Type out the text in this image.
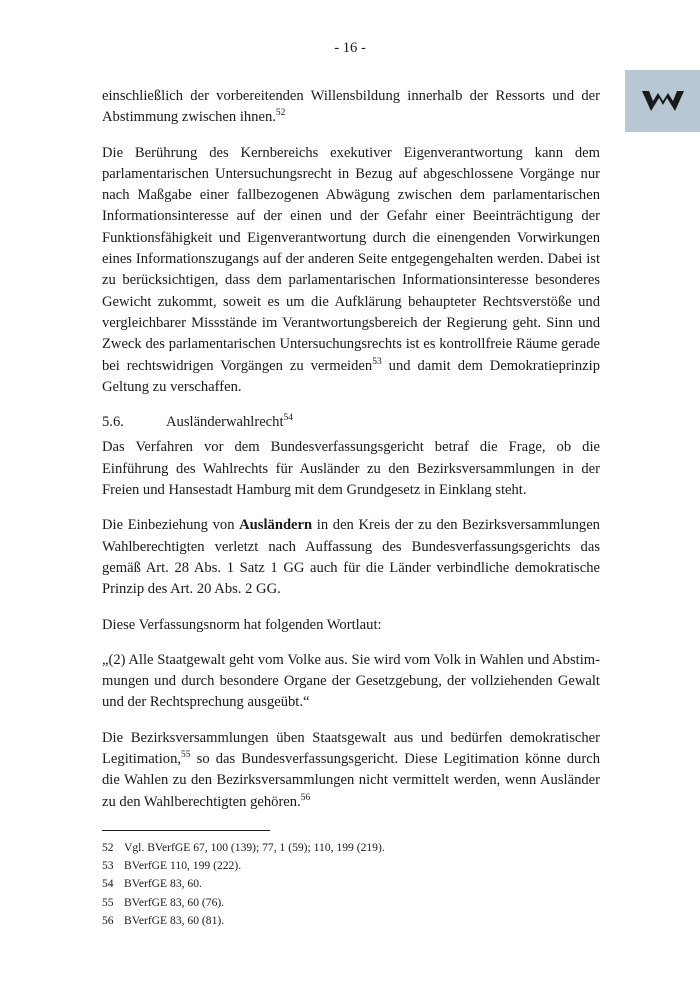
- 16 -

einschließlich der vorbereitenden Willensbildung innerhalb der Ressorts und der Abstimmung zwischen ihnen.$^{52}$

Die Berührung des Kernbereichs exekutiver Eigenverantwortung kann dem parlamentarischen Untersuchungsrecht in Bezug auf abgeschlossene Vorgänge nur nach Maßgabe einer fallbezogenen Abwägung zwischen dem parlamentarischen Informationsinteresse auf der einen und der Gefahr einer Beeinträchtigung der Funktionsfähigkeit und Eigenverantwortung durch die einengenden Vorwirkungen eines Informationszugangs auf der anderen Seite entgegengehalten werden. Dabei ist zu berücksichtigen, dass dem parlamentarischen Informationsinteresse besonderes Gewicht zukommt, soweit es um die Aufklärung behaupteter Rechtsverstöße und vergleichbarer Missstände im Verantwortungsbereich der Regierung geht. Sinn und Zweck des parlamentarischen Untersuchungsrechts ist es kontrollfreie Räume gerade bei rechtswidrigen Vorgängen zu vermeiden$^{53}$ und damit dem Demokratieprinzip Geltung zu verschaffen.

5.6.	Ausländerwahlrecht$^{54}$

Das Verfahren vor dem Bundesverfassungsgericht betraf die Frage, ob die Einführung des Wahlrechts für Ausländer zu den Bezirksversammlungen in der Freien und Hansestadt Hamburg mit dem Grundgesetz in Einklang steht.

Die Einbeziehung von Ausländern in den Kreis der zu den Bezirksversammlungen Wahlberechtigten verletzt nach Auffassung des Bundesverfassungsgerichts das gemäß Art. 28 Abs. 1 Satz 1 GG auch für die Länder verbindliche demokratische Prinzip des Art. 20 Abs. 2 GG.

Diese Verfassungsnorm hat folgenden Wortlaut:

„(2) Alle Staatgewalt geht vom Volke aus. Sie wird vom Volk in Wahlen und Abstimmungen und durch besondere Organe der Gesetzgebung, der vollziehenden Gewalt und der Rechtsprechung ausgeübt.“

Die Bezirksversammlungen üben Staatsgewalt aus und bedürfen demokratischer Legitimation,$^{55}$ so das Bundesverfassungsgericht. Diese Legitimation könne durch die Wahlen zu den Bezirksversammlungen nicht vermittelt werden, wenn Ausländer zu den Wahlberechtigten gehören.$^{56}$

52 Vgl. BVerfGE 67, 100 (139); 77, 1 (59); 110, 199 (219).
53 BVerfGE 110, 199 (222).
54 BVerfGE 83, 60.
55 BVerfGE 83, 60 (76).
56 BVerfGE 83, 60 (81).
